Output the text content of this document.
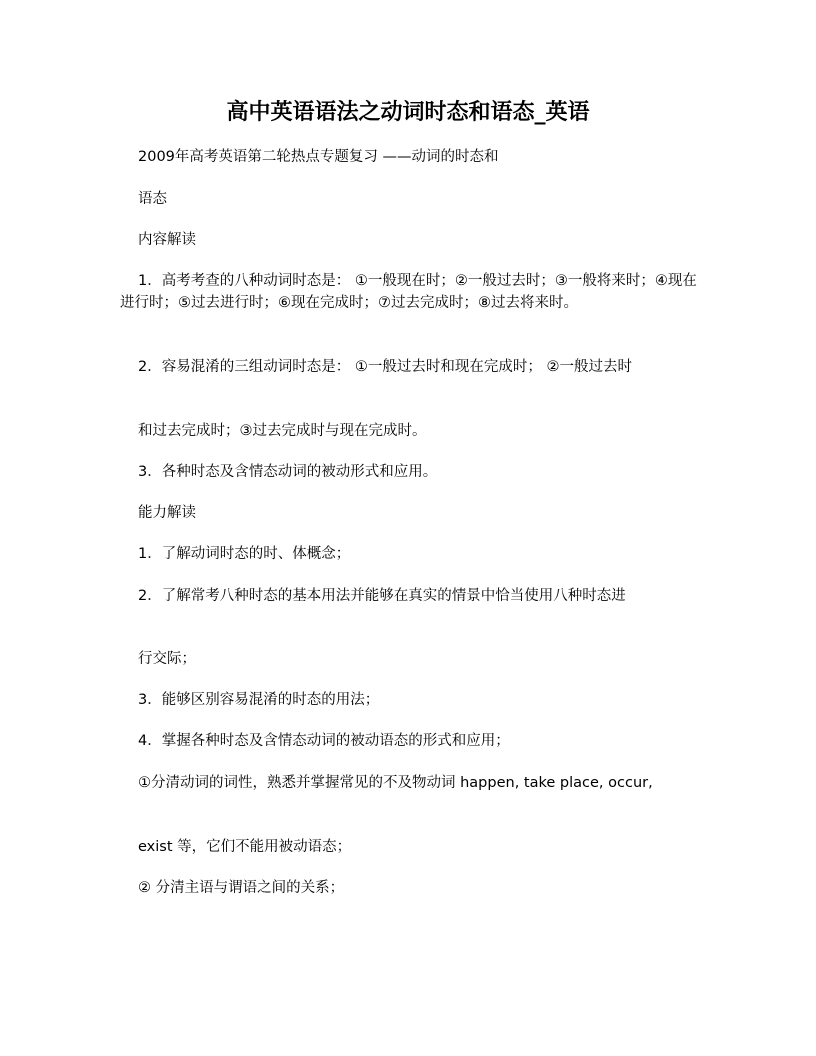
高中英语语法之动词时态和语态_英语

2009年高考英语第二轮热点专题复习 ——动词的时态和

语态

内容解读

1．高考考查的八种动词时态是： ①一般现在时；②一般过去时；③一般将来时；④现在进行时；⑤过去进行时；⑥现在完成时；⑦过去完成时；⑧过去将来时。

2．容易混淆的三组动词时态是： ①一般过去时和现在完成时； ②一般过去时

和过去完成时；③过去完成时与现在完成时。

3．各种时态及含情态动词的被动形式和应用。

能力解读

1．了解动词时态的时、体概念；

2．了解常考八种时态的基本用法并能够在真实的情景中恰当使用八种时态进

行交际；

3．能够区别容易混淆的时态的用法；

4．掌握各种时态及含情态动词的被动语态的形式和应用；

①分清动词的词性，熟悉并掌握常见的不及物动词 happen, take place, occur,

exist 等，它们不能用被动语态；

② 分清主语与谓语之间的关系；
